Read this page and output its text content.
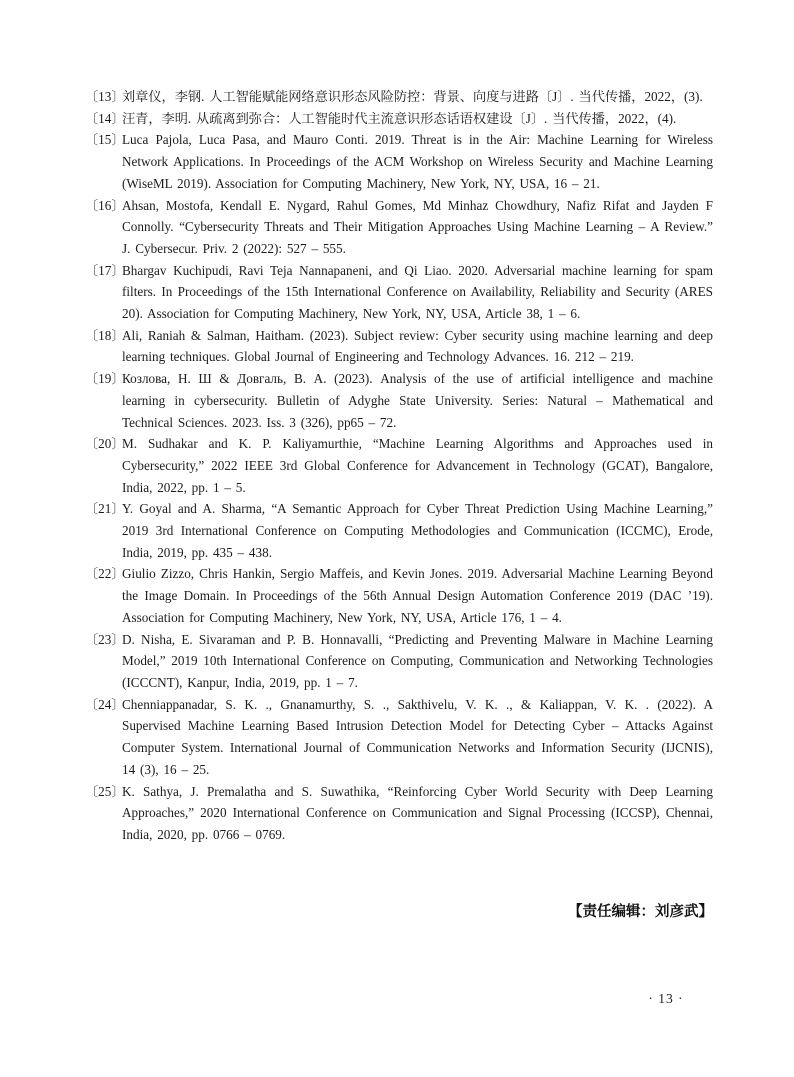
〔13〕刘章仪，李钢. 人工智能赋能网络意识形态风险防控：背景、向度与进路〔J〕. 当代传播，2022，(3).
〔14〕汪青，李明. 从疏离到弥合：人工智能时代主流意识形态话语权建设〔J〕. 当代传播，2022，(4).
〔15〕Luca Pajola, Luca Pasa, and Mauro Conti. 2019. Threat is in the Air: Machine Learning for Wireless Network Applications. In Proceedings of the ACM Workshop on Wireless Security and Machine Learning (WiseML 2019). Association for Computing Machinery, New York, NY, USA, 16 – 21.
〔16〕Ahsan, Mostofa, Kendall E. Nygard, Rahul Gomes, Md Minhaz Chowdhury, Nafiz Rifat and Jayden F Connolly. “Cybersecurity Threats and Their Mitigation Approaches Using Machine Learning – A Review.” J. Cybersecur. Priv. 2 (2022): 527 – 555.
〔17〕Bhargav Kuchipudi, Ravi Teja Nannapaneni, and Qi Liao. 2020. Adversarial machine learning for spam filters. In Proceedings of the 15th International Conference on Availability, Reliability and Security (ARES 20). Association for Computing Machinery, New York, NY, USA, Article 38, 1 – 6.
〔18〕Ali, Raniah & Salman, Haitham. (2023). Subject review: Cyber security using machine learning and deep learning techniques. Global Journal of Engineering and Technology Advances. 16. 212 – 219.
〔19〕Козлова, Н. Ш & Довгаль, В. А. (2023). Analysis of the use of artificial intelligence and machine learning in cybersecurity. Bulletin of Adyghe State University. Series: Natural – Mathematical and Technical Sciences. 2023. Iss. 3 (326), pp65 – 72.
〔20〕M. Sudhakar and K. P. Kaliyamurthie, “Machine Learning Algorithms and Approaches used in Cybersecurity,” 2022 IEEE 3rd Global Conference for Advancement in Technology (GCAT), Bangalore, India, 2022, pp. 1 – 5.
〔21〕Y. Goyal and A. Sharma, “A Semantic Approach for Cyber Threat Prediction Using Machine Learning,” 2019 3rd International Conference on Computing Methodologies and Communication (ICCMC), Erode, India, 2019, pp. 435 – 438.
〔22〕Giulio Zizzo, Chris Hankin, Sergio Maffeis, and Kevin Jones. 2019. Adversarial Machine Learning Beyond the Image Domain. In Proceedings of the 56th Annual Design Automation Conference 2019 (DAC ’19). Association for Computing Machinery, New York, NY, USA, Article 176, 1 – 4.
〔23〕D. Nisha, E. Sivaraman and P. B. Honnavalli, “Predicting and Preventing Malware in Machine Learning Model,” 2019 10th International Conference on Computing, Communication and Networking Technologies (ICCCNT), Kanpur, India, 2019, pp. 1 – 7.
〔24〕Chenniappanadar, S. K. ., Gnanamurthy, S. ., Sakthivelu, V. K. ., & Kaliappan, V. K. . (2022). A Supervised Machine Learning Based Intrusion Detection Model for Detecting Cyber – Attacks Against Computer System. International Journal of Communication Networks and Information Security (IJCNIS), 14 (3), 16 – 25.
〔25〕K. Sathya, J. Premalatha and S. Suwathika, “Reinforcing Cyber World Security with Deep Learning Approaches,” 2020 International Conference on Communication and Signal Processing (ICCSP), Chennai, India, 2020, pp. 0766 – 0769.
【责任编辑：刘彦武】
· 13 ·
